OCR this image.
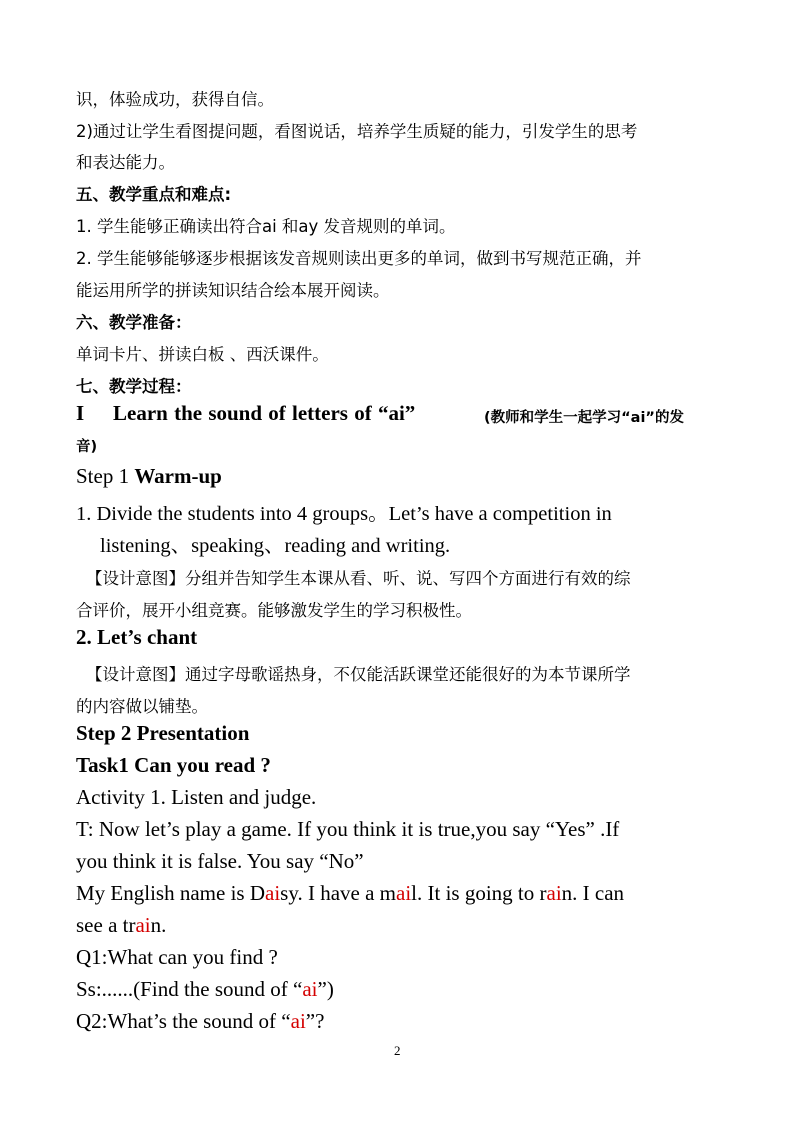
识，体验成功，获得自信。
2)通过让学生看图提问题，看图说话，培养学生质疑的能力，引发学生的思考
和表达能力。
五、教学重点和难点:
1. 学生能够正确读出符合ai 和ay 发音规则的单词。
2. 学生能够能够逐步根据该发音规则读出更多的单词，做到书写规范正确，并
能运用所学的拼读知识结合绘本展开阅读。
六、教学准备：
单词卡片、拼读白板 、西沃课件。
七、教学过程：
I Learn the sound of letters of “ai”	(教师和学生一起学习“ai”的发
音)
Step 1 Warm-up
1. Divide the students into 4 groups。Let’s have a competition in
listening、speaking、reading and writing.
【设计意图】分组并告知学生本课从看、听、说、写四个方面进行有效的综
合评价，展开小组竞赛。能够激发学生的学习积极性。
2. Let’s chant
【设计意图】通过字母歌谣热身，不仅能活跃课堂还能很好的为本节课所学
的内容做以铺垫。
Step 2 Presentation
Task1 Can you read ?
Activity 1. Listen and judge.
T: Now let’s play a game. If you think it is true,you say “Yes” .If
you think it is false. You say “No”
My English name is Daisy. I have a mail. It is going to rain. I can
see a train.
Q1:What can you find ?
Ss:......(Find the sound of “ai”)
Q2:What’s the sound of “ai”?
2
